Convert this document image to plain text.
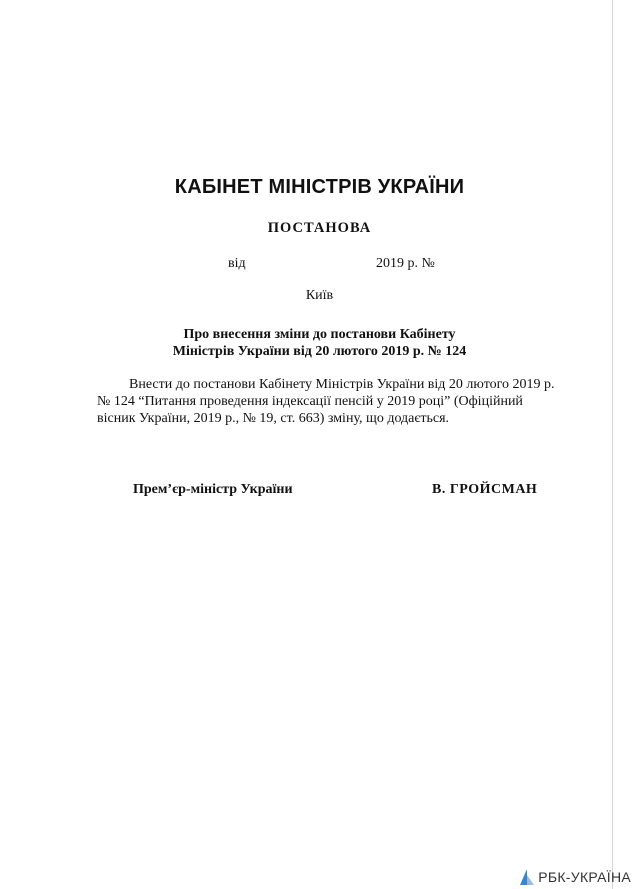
КАБІНЕТ МІНІСТРІВ УКРАЇНИ
ПОСТАНОВА
від	2019 р. №
Київ
Про внесення зміни до постанови Кабінету
Міністрів України від 20 лютого 2019 р. № 124
Внести до постанови Кабінету Міністрів України від 20 лютого 2019 р.
№ 124 “Питання проведення індексації пенсій у 2019 році” (Офіційний
вісник України, 2019 р., № 19, ст. 663) зміну, що додається.
Прем’єр-міністр України	В. ГРОЙСМАН
РБК-УКРАЇНА
